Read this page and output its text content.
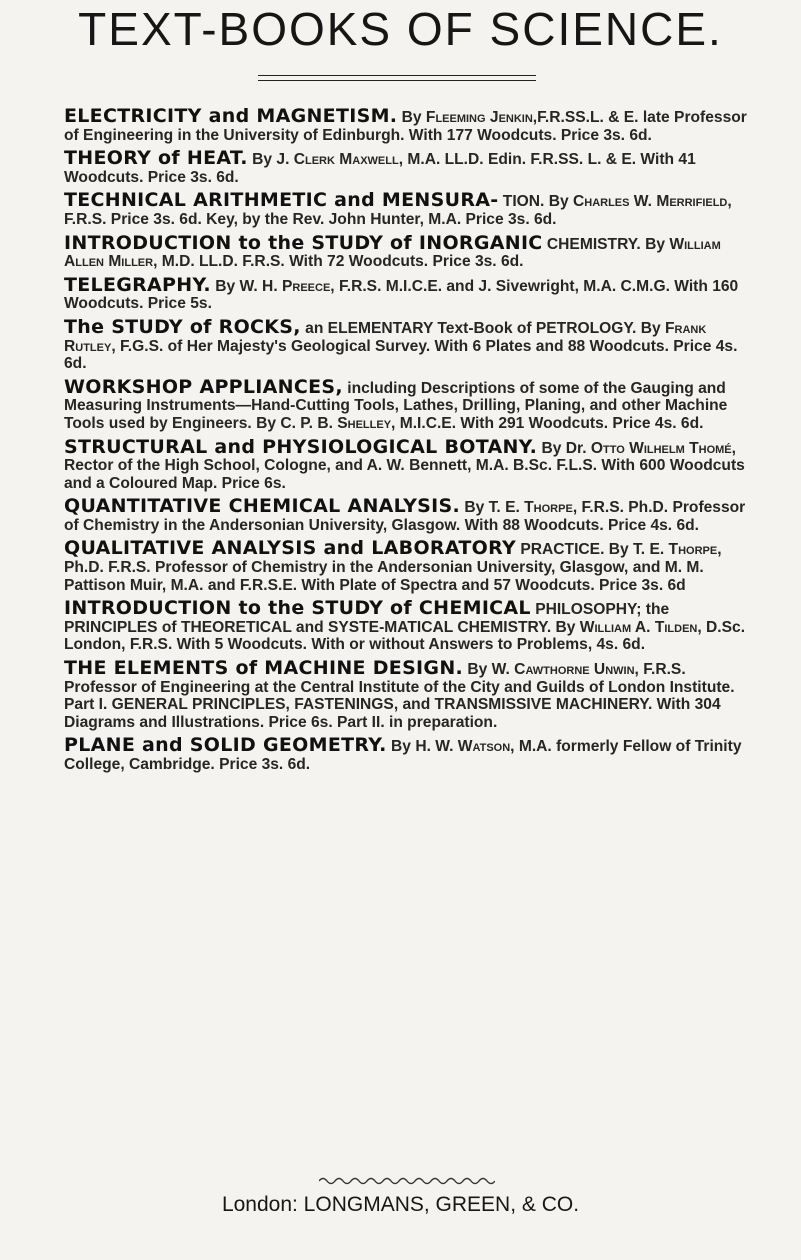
TEXT-BOOKS OF SCIENCE.

ELECTRICITY and MAGNETISM. By Fleeming Jenkin,F.R.SS.L. & E. late Professor of Engineering in the University of Edinburgh. With 177 Woodcuts. Price 3s. 6d.

THEORY of HEAT. By J. Clerk Maxwell, M.A. LL.D. Edin. F.R.SS. L. & E. With 41 Woodcuts. Price 3s. 6d.

TECHNICAL ARITHMETIC and MENSURA- TION. By Charles W. Merrifield, F.R.S. Price 3s. 6d. Key, by the Rev. John Hunter, M.A. Price 3s. 6d.

INTRODUCTION to the STUDY of INORGANIC CHEMISTRY. By William Allen Miller, M.D. LL.D. F.R.S. With 72 Woodcuts. Price 3s. 6d.

TELEGRAPHY. By W. H. Preece, F.R.S. M.I.C.E. and J. Sivewright, M.A. C.M.G. With 160 Woodcuts. Price 5s.

The STUDY of ROCKS, an ELEMENTARY Text-Book of PETROLOGY. By Frank Rutley, F.G.S. of Her Majesty's Geological Survey. With 6 Plates and 88 Woodcuts. Price 4s. 6d.

WORKSHOP APPLIANCES, including Descriptions of some of the Gauging and Measuring Instruments—Hand-Cutting Tools, Lathes, Drilling, Planing, and other Machine Tools used by Engineers. By C. P. B. Shelley, M.I.C.E. With 291 Woodcuts. Price 4s. 6d.

STRUCTURAL and PHYSIOLOGICAL BOTANY. By Dr. Otto Wilhelm Thomé, Rector of the High School, Cologne, and A. W. Bennett, M.A. B.Sc. F.L.S. With 600 Woodcuts and a Coloured Map. Price 6s.

QUANTITATIVE CHEMICAL ANALYSIS. By T. E. Thorpe, F.R.S. Ph.D. Professor of Chemistry in the Andersonian University, Glasgow. With 88 Woodcuts. Price 4s. 6d.

QUALITATIVE ANALYSIS and LABORATORY PRACTICE. By T. E. Thorpe, Ph.D. F.R.S. Professor of Chemistry in the Andersonian University, Glasgow, and M. M. Pattison Muir, M.A. and F.R.S.E. With Plate of Spectra and 57 Woodcuts. Price 3s. 6d

INTRODUCTION to the STUDY of CHEMICAL PHILOSOPHY; the PRINCIPLES of THEORETICAL and SYSTE-MATICAL CHEMISTRY. By William A. Tilden, D.Sc. London, F.R.S. With 5 Woodcuts. With or without Answers to Problems, 4s. 6d.

THE ELEMENTS of MACHINE DESIGN. By W. Cawthorne Unwin, F.R.S. Professor of Engineering at the Central Institute of the City and Guilds of London Institute. Part I. GENERAL PRINCIPLES, FASTENINGS, and TRANSMISSIVE MACHINERY. With 304 Diagrams and Illustrations. Price 6s. Part II. in preparation.

PLANE and SOLID GEOMETRY. By H. W. Watson, M.A. formerly Fellow of Trinity College, Cambridge. Price 3s. 6d.

London: LONGMANS, GREEN, & CO.
